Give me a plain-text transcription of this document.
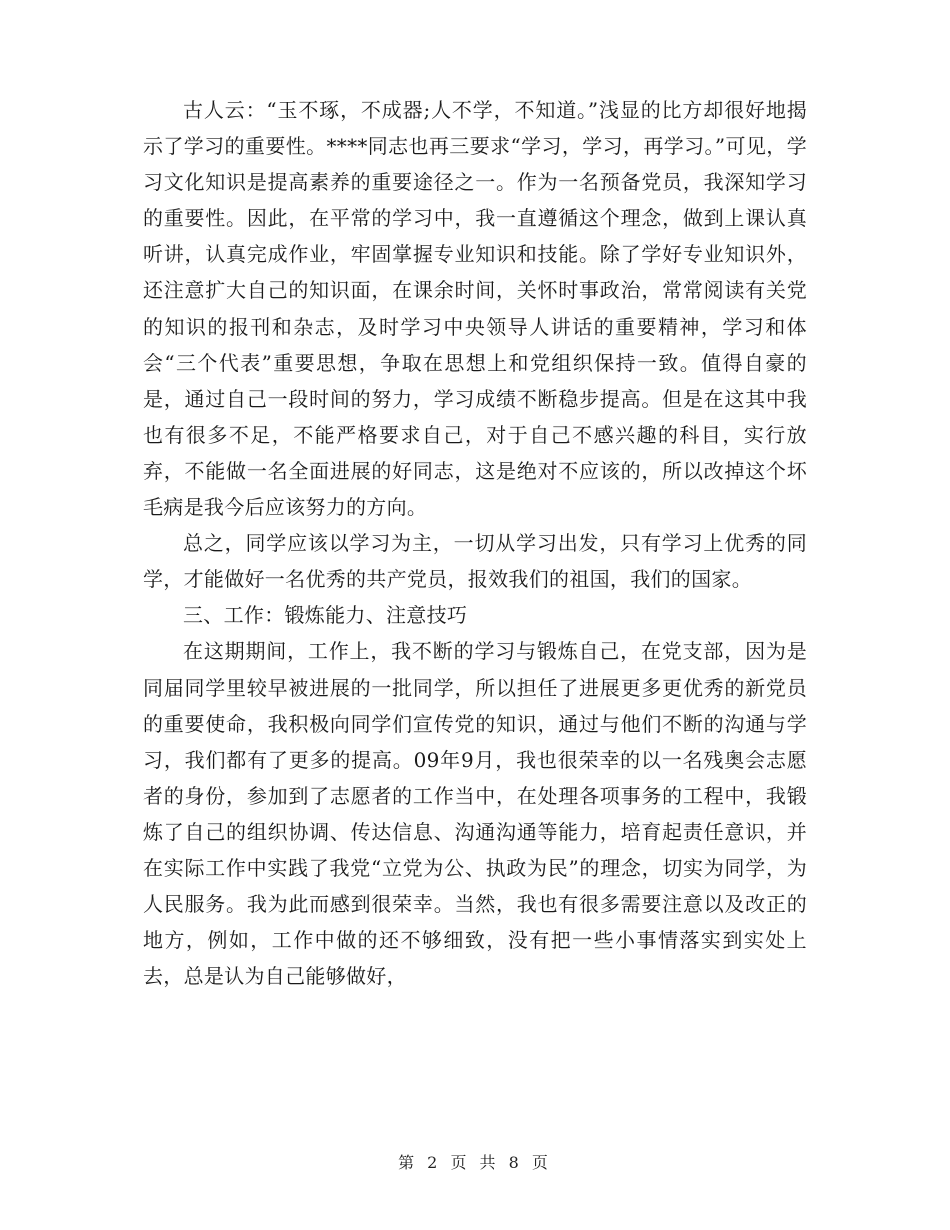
古人云：“玉不琢，不成器;人不学，不知道。”浅显的比方却很好地揭示了学习的重要性。****同志也再三要求“学习，学习，再学习。”可见，学习文化知识是提高素养的重要途径之一。作为一名预备党员，我深知学习的重要性。因此，在平常的学习中，我一直遵循这个理念，做到上课认真听讲，认真完成作业，牢固掌握专业知识和技能。除了学好专业知识外，还注意扩大自己的知识面，在课余时间，关怀时事政治，常常阅读有关党的知识的报刊和杂志，及时学习中央领导人讲话的重要精神，学习和体会“三个代表”重要思想，争取在思想上和党组织保持一致。值得自豪的是，通过自己一段时间的努力，学习成绩不断稳步提高。但是在这其中我也有很多不足，不能严格要求自己，对于自己不感兴趣的科目，实行放弃，不能做一名全面进展的好同志，这是绝对不应该的，所以改掉这个坏毛病是我今后应该努力的方向。

总之，同学应该以学习为主，一切从学习出发，只有学习上优秀的同学，才能做好一名优秀的共产党员，报效我们的祖国，我们的国家。

三、工作：锻炼能力、注意技巧

在这期期间，工作上，我不断的学习与锻炼自己，在党支部，因为是同届同学里较早被进展的一批同学，所以担任了进展更多更优秀的新党员的重要使命，我积极向同学们宣传党的知识，通过与他们不断的沟通与学习，我们都有了更多的提高。09年9月，我也很荣幸的以一名残奥会志愿者的身份，参加到了志愿者的工作当中，在处理各项事务的工程中，我锻炼了自己的组织协调、传达信息、沟通沟通等能力，培育起责任意识，并在实际工作中实践了我党“立党为公、执政为民”的理念，切实为同学，为人民服务。我为此而感到很荣幸。当然，我也有很多需要注意以及改正的地方，例如，工作中做的还不够细致，没有把一些小事情落实到实处上去，总是认为自己能够做好，

第 2 页 共 8 页
